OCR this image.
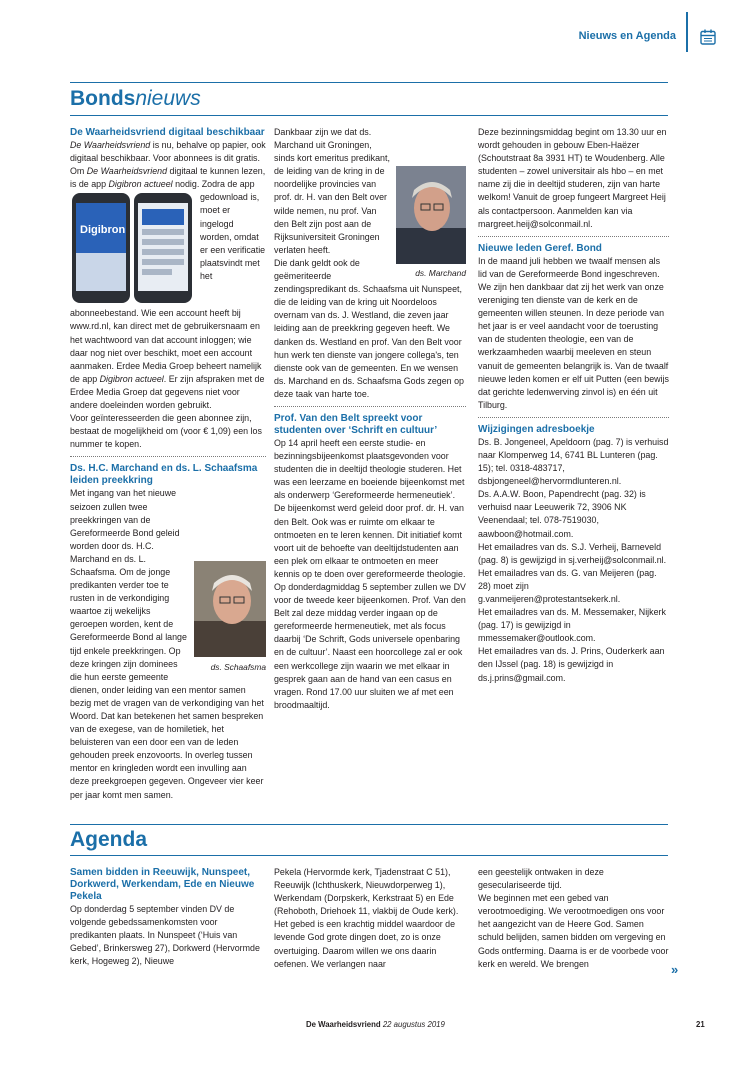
Nieuws en Agenda
Bondsnieuws

De Waarheidsvriend digitaal beschikbaar

De Waarheidsvriend is nu, behalve op papier, ook digitaal beschikbaar. Voor abonnees is dit gratis.

Om De Waarheidsvriend digitaal te kunnen lezen, is de app Digibron actueel
Digibron
nodig. Zodra de app gedownload is, moet er ingelogd worden, omdat er een verificatie plaatsvindt met het abonneebestand. Wie een account heeft bij www.rd.nl, kan direct met de gebruikersnaam en het wachtwoord van dat account inloggen; wie daar nog niet over beschikt, moet een account aanmaken. Erdee Media Groep beheert namelijk de app Digibron actueel. Er zijn afspraken met de Erdee Media Groep dat gegevens niet voor andere doeleinden worden gebruikt.

Voor geïnteresseerden die geen abonnee zijn, bestaat de mogelijkheid om (voor € 1,09) een los nummer te kopen.

Ds. H.C. Marchand en ds. L. Schaafsma leiden preekkring

ds. Schaafsma
Met ingang van het nieuwe seizoen zullen twee preekkringen van de Gereformeerde Bond geleid worden door ds. H.C. Marchand en ds. L. Schaafsma. Om de jonge predikanten verder toe te rusten in de verkondiging waartoe zij wekelijks geroepen worden, kent de Gereformeerde Bond al lange tijd enkele preekkringen. Op deze kringen zijn dominees die hun eerste gemeente dienen, onder leiding van een mentor samen bezig met de vragen van de verkondiging van het Woord. Dat kan betekenen het samen bespreken van de exegese, van de homiletiek, het beluisteren van een door een van de leden gehouden preek enzovoorts. In overleg tussen mentor en kringleden wordt een invulling aan deze preekgroepen gegeven. Ongeveer vier keer per jaar komt men samen.

ds. Marchand
Dankbaar zijn we dat ds. Marchand uit Groningen, sinds kort emeritus predikant, de leiding van de kring in de noordelijke provincies van prof. dr. H. van den Belt over wilde nemen, nu prof. Van den Belt zijn post aan de Rijksuniversiteit Groningen verlaten heeft.

Die dank geldt ook de geëmeriteerde zendingspredikant ds. Schaafsma uit Nunspeet, die de leiding van de kring uit Noordeloos overnam van ds. J. Westland, die zeven jaar leiding aan de preekkring gegeven heeft. We danken ds. Westland en prof. Van den Belt voor hun werk ten dienste van jongere collega's, ten dienste ook van de gemeenten. En we wensen ds. Marchand en ds. Schaafsma Gods zegen op deze taak van harte toe.

Prof. Van den Belt spreekt voor studenten over ‘Schrift en cultuur’

Op 14 april heeft een eerste studie- en bezinningsbijeenkomst plaatsgevonden voor studenten die in deeltijd theologie studeren. Het was een leerzame en boeiende bijeenkomst met als onderwerp ‘Gereformeerde hermeneutiek’. De bijeenkomst werd geleid door prof. dr. H. van den Belt. Ook was er ruimte om elkaar te ontmoeten en te leren kennen. Dit initiatief komt voort uit de behoefte van deeltijdstudenten aan een plek om elkaar te ontmoeten en meer kennis op te doen over gereformeerde theologie.

Op donderdagmiddag 5 september zullen we DV voor de tweede keer bijeenkomen. Prof. Van den Belt zal deze middag verder ingaan op de gereformeerde hermeneutiek, met als focus daarbij ‘De Schrift, Gods universele openbaring en de cultuur’. Naast een hoorcollege zal er ook een werkcollege zijn waarin we met elkaar in gesprek gaan aan de hand van een casus en vragen. Rond 17.00 uur sluiten we af met een broodmaaltijd.

Deze bezinningsmiddag begint om 13.30 uur en wordt gehouden in gebouw Eben-Haëzer (Schoutstraat 8a 3931 HT) te Woudenberg. Alle studenten – zowel universitair als hbo – en met name zij die in deeltijd studeren, zijn van harte welkom! Vanuit de groep fungeert Margreet Heij als contactpersoon. Aanmelden kan via margreet.heij@solconmail.nl.

Nieuwe leden Geref. Bond

In de maand juli hebben we twaalf mensen als lid van de Gereformeerde Bond ingeschreven. We zijn hen dankbaar dat zij het werk van onze vereniging ten dienste van de kerk en de gemeenten willen steunen. In deze periode van het jaar is er veel aandacht voor de toerusting van de studenten theologie, een van de werkzaamheden waarbij meeleven en steun vanuit de gemeenten belangrijk is. Van de twaalf nieuwe leden komen er elf uit Putten (een bewijs dat gerichte ledenwerving zinvol is) en één uit Tilburg.

Wijzigingen adresboekje

Ds. B. Jongeneel, Apeldoorn (pag. 7) is verhuisd naar Klomperweg 14, 6741 BL Lunteren (pag. 15); tel. 0318-483717, dsbjongeneel@hervormdlunteren.nl.

Ds. A.A.W. Boon, Papendrecht (pag. 32) is verhuisd naar Leeuwerik 72, 3906 NK Veenendaal; tel. 078-7519030, aawboon@hotmail.com.

Het emailadres van ds. S.J. Verheij, Barneveld (pag. 8) is gewijzigd in sj.verheij@solconmail.nl.

Het emailadres van ds. G. van Meijeren (pag. 28) moet zijn g.vanmeijeren@protestantsekerk.nl.

Het emailadres van ds. M. Messemaker, Nijkerk (pag. 17) is gewijzigd in mmessemaker@outlook.com.

Het emailadres van ds. J. Prins, Ouderkerk aan den IJssel (pag. 18) is gewijzigd in ds.j.prins@gmail.com.

Agenda

Samen bidden in Reeuwijk, Nunspeet, Dorkwerd, Werkendam, Ede en Nieuwe Pekela

Op donderdag 5 september vinden DV de volgende gebedssamenkomsten voor predikanten plaats. In Nunspeet (‘Huis van Gebed’, Brinkersweg 27), Dorkwerd (Hervormde kerk, Hogeweg 2), Nieuwe

Pekela (Hervormde kerk, Tjadenstraat C 51), Reeuwijk (Ichthuskerk, Nieuwdorperweg 1), Werkendam (Dorpskerk, Kerkstraat 5) en Ede (Rehoboth, Driehoek 11, vlakbij de Oude kerk). Het gebed is een krachtig middel waardoor de levende God grote dingen doet, zo is onze overtuiging. Daarom willen we ons daarin oefenen. We verlangen naar

een geestelijk ontwaken in deze geseculariseerde tijd.

We beginnen met een gebed van verootmoediging. We verootmoedigen ons voor het aangezicht van de Heere God. Samen schuld belijden, samen bidden om vergeving en Gods ontferming. Daarna is er de voorbede voor kerk en wereld. We brengen	»
De Waarheidsvriend 22 augustus 2019	21
